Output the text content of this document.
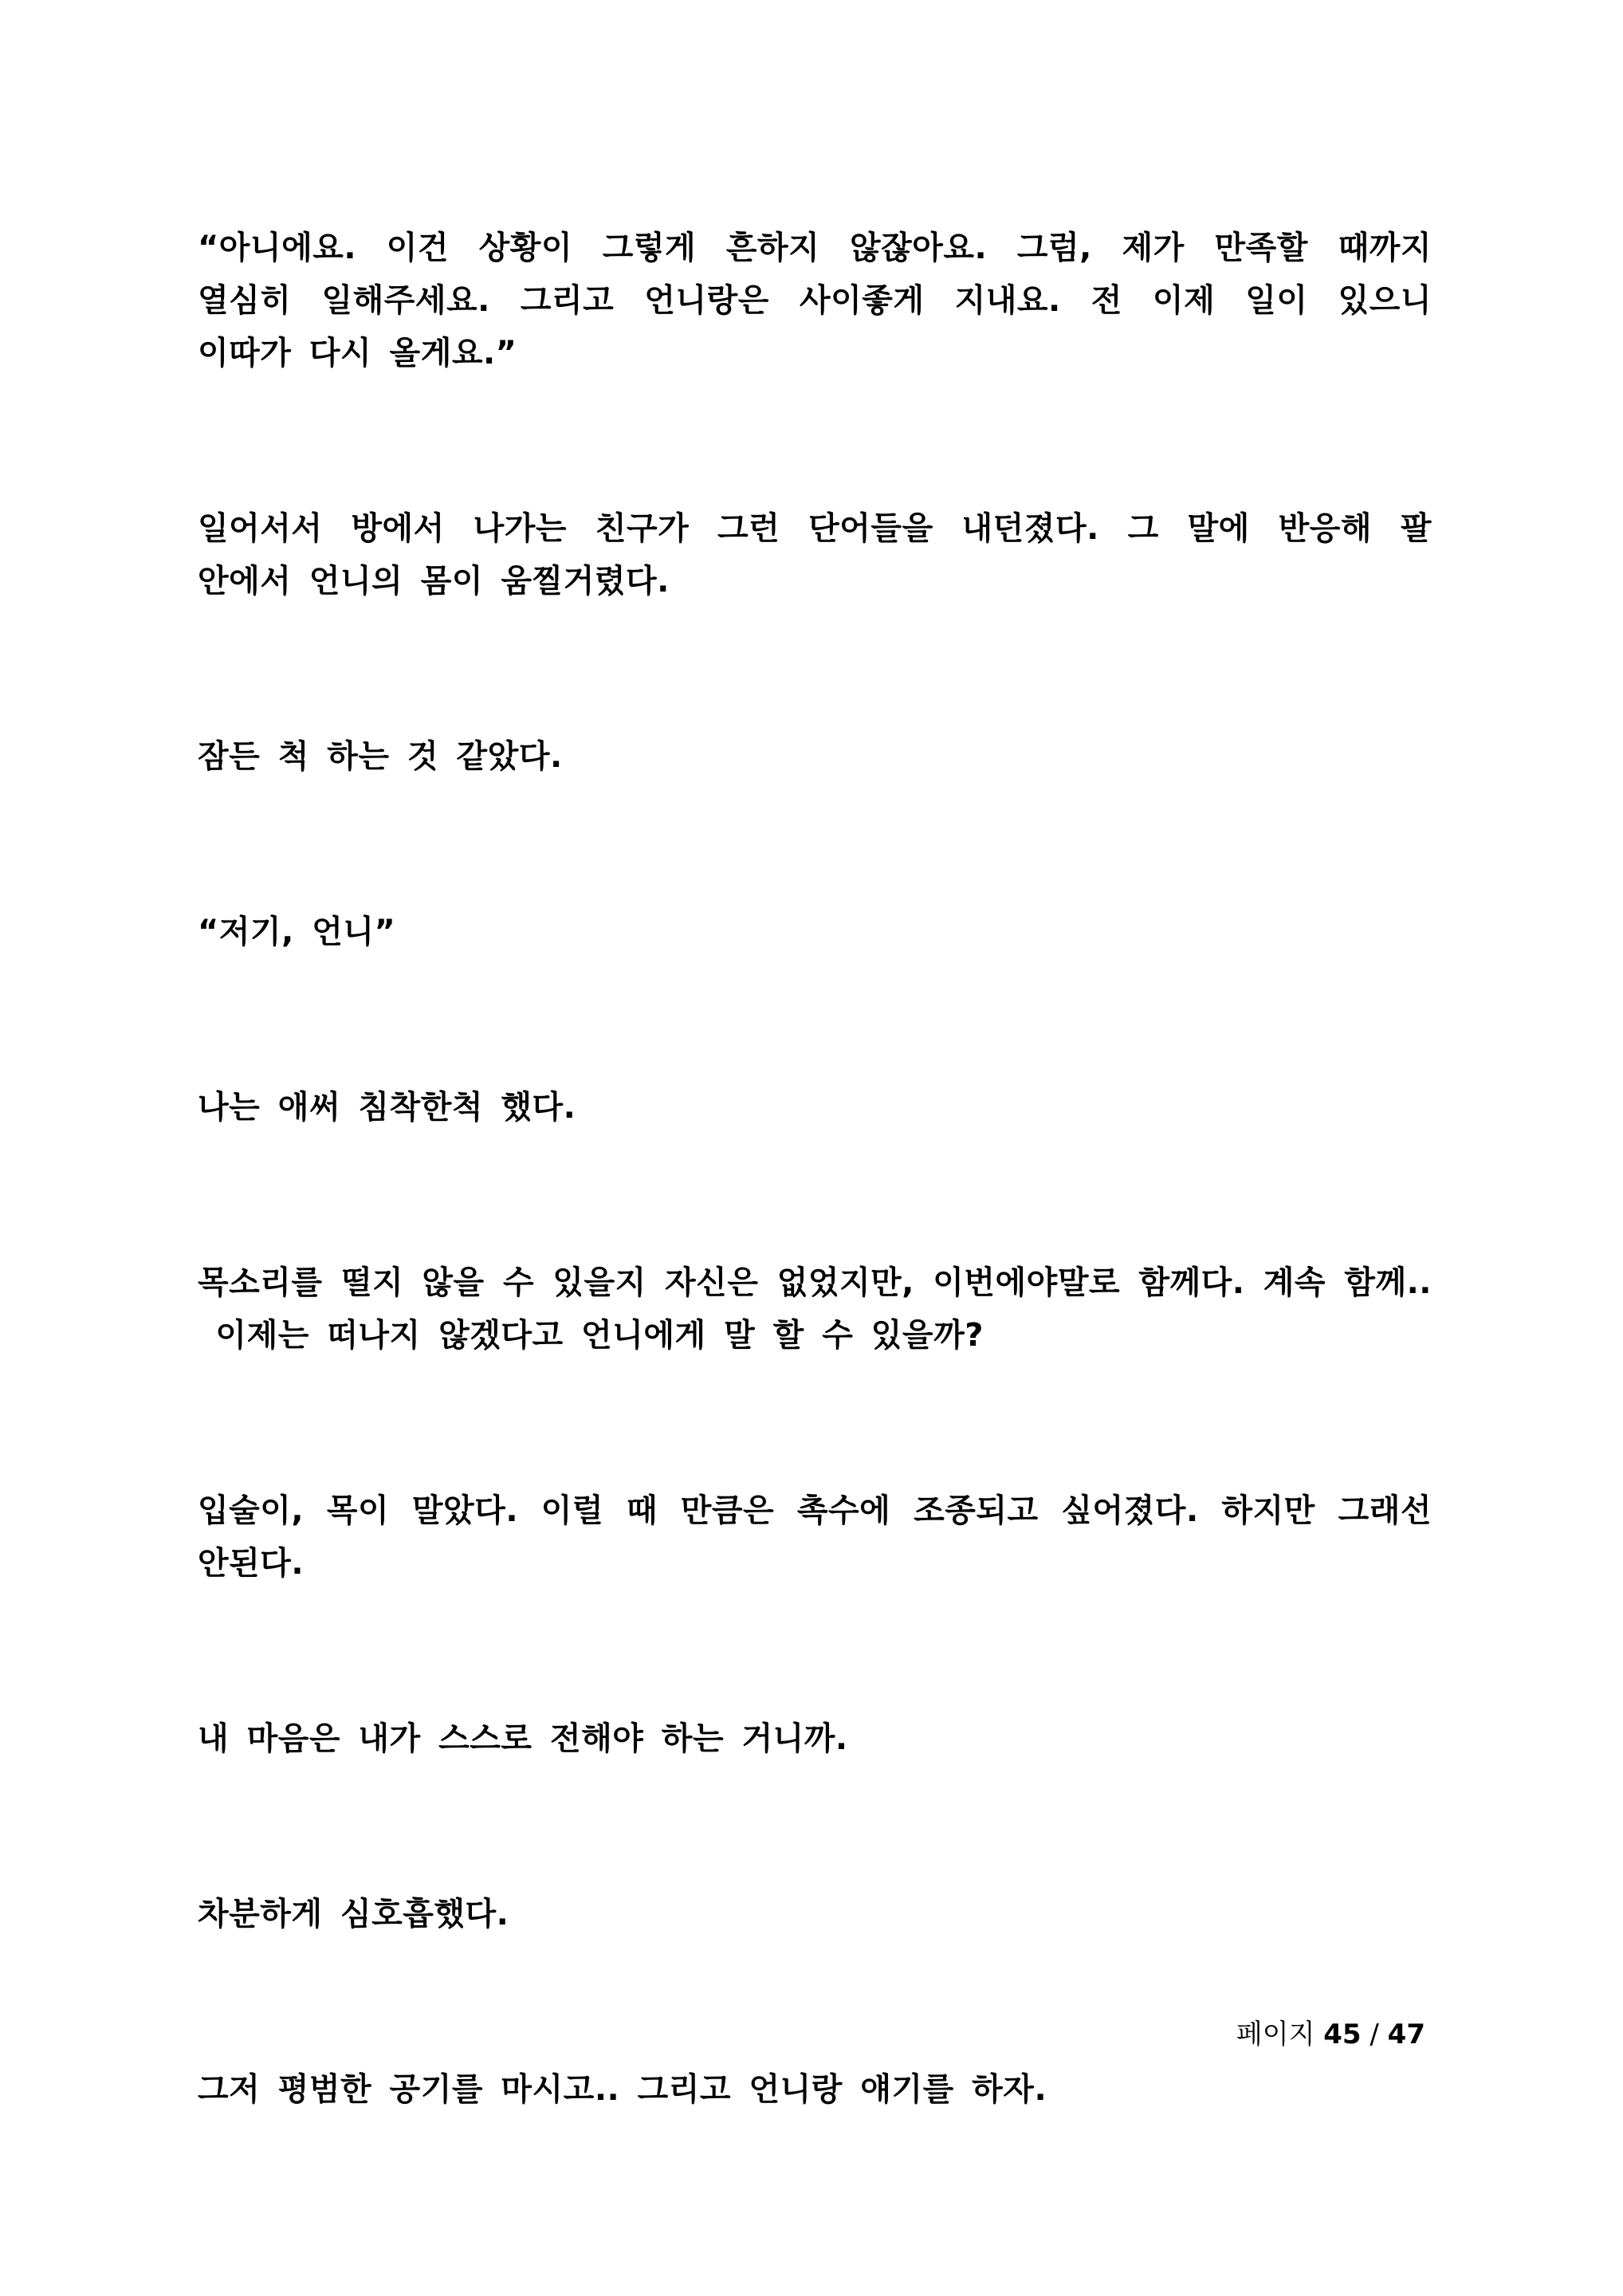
“아니에요. 이건 상황이 그렇게 흔하지 않잖아요. 그럼, 제가 만족할 때까지
열심히 일해주세요. 그리고 언니랑은 사이좋게 지내요. 전 이제 일이 있으니
이따가 다시 올게요.”

일어서서 방에서 나가는 친구가 그런 단어들을 내던졌다. 그 말에 반응해 팔
안에서 언니의 몸이 움찔거렸다.

잠든 척 하는 것 같았다.

“저기, 언니”

나는 애써 침착한척 했다.

목소리를 떨지 않을 수 있을지 자신은 없었지만, 이번에야말로 함께다. 계속 함께..
이제는 떠나지 않겠다고 언니에게 말 할 수 있을까?

입술이, 목이 말았다. 이럴 때 만큼은 촉수에 조종되고 싶어졌다. 하지만 그래선
안된다.

내 마음은 내가 스스로 전해야 하는 거니까.

차분하게 심호흡했다.

그저 평범한 공기를 마시고.. 그리고 언니랑 얘기를 하자.

페이지 45 / 47
